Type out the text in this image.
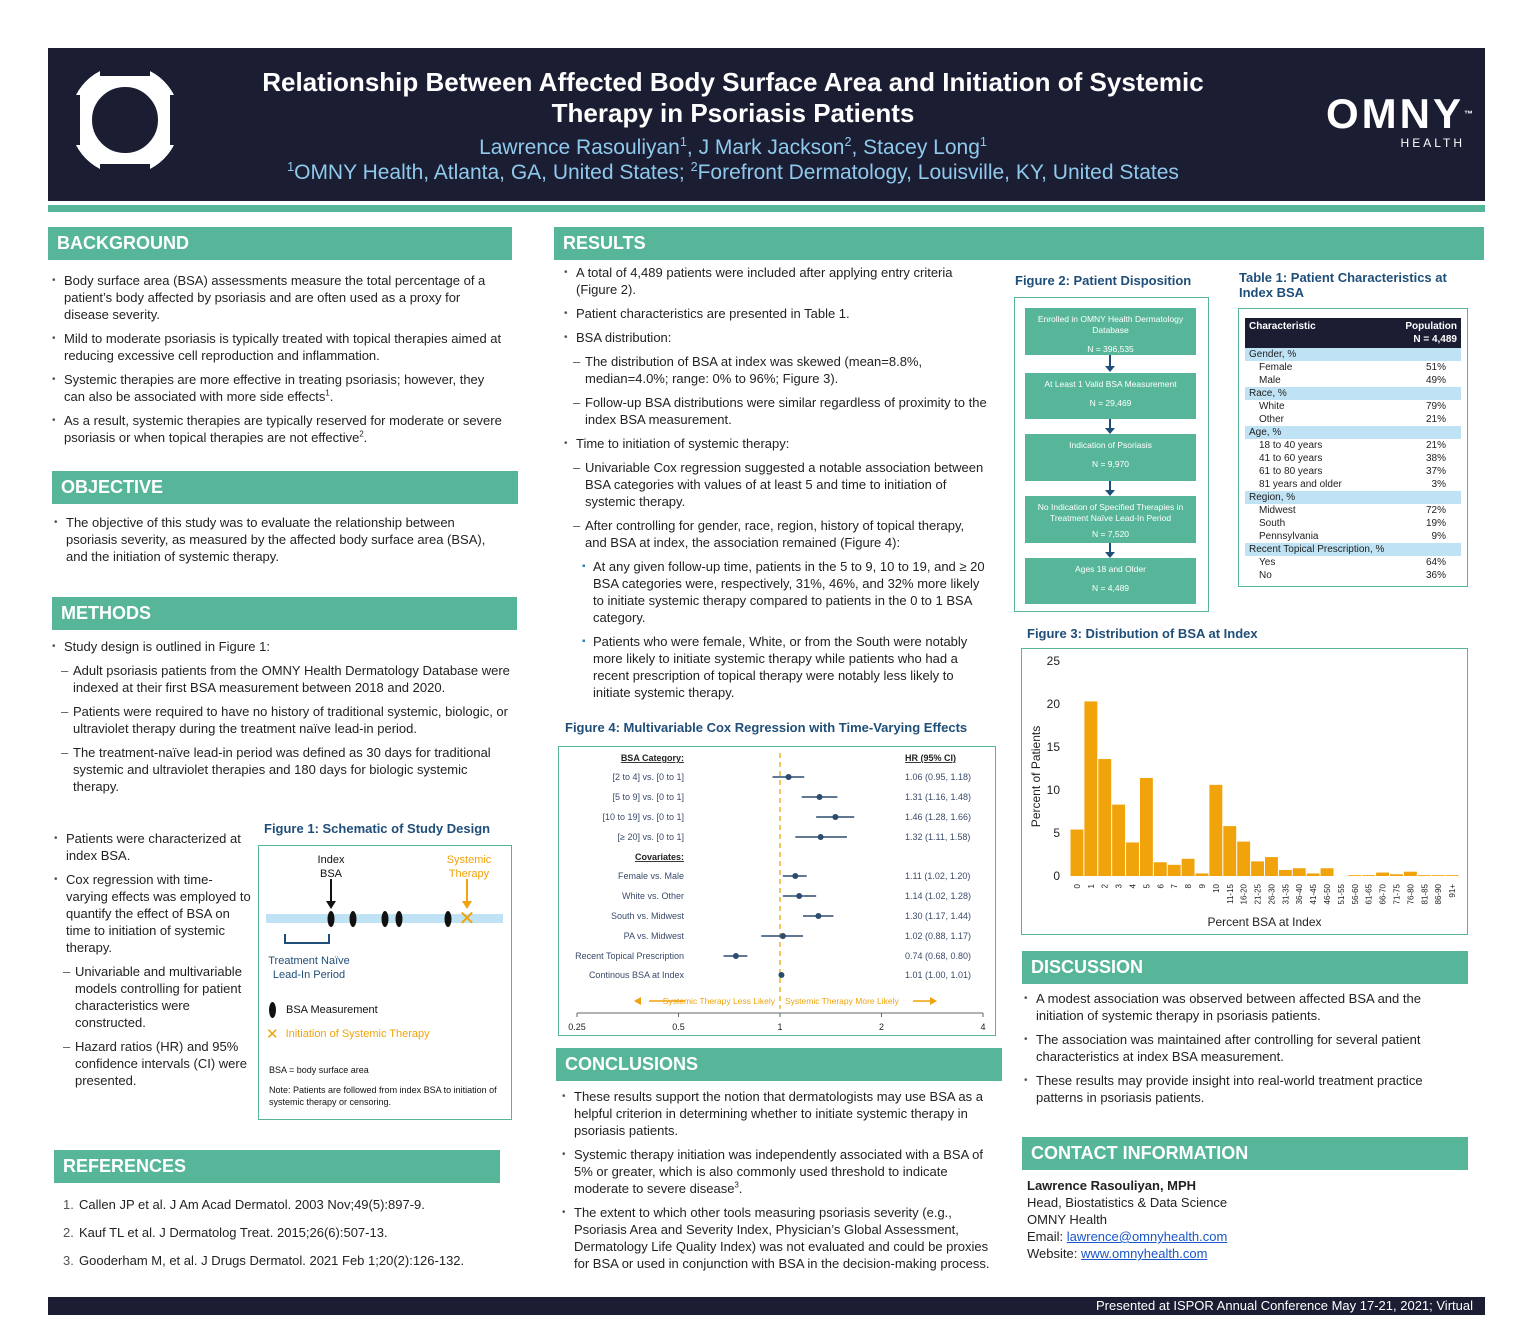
Relationship Between Affected Body Surface Area and Initiation of Systemic Therapy in Psoriasis Patients
Lawrence Rasouliyan$^1$, J Mark Jackson$^2$, Stacey Long$^1$
$^1$OMNY Health, Atlanta, GA, United States; $^2$Forefront Dermatology, Louisville, KY, United States
OMNY™
HEALTH
BACKGROUND
• Body surface area (BSA) assessments measure the total percentage of a patient’s body affected by psoriasis and are often used as a proxy for disease severity.
• Mild to moderate psoriasis is typically treated with topical therapies aimed at reducing excessive cell reproduction and inflammation.
• Systemic therapies are more effective in treating psoriasis; however, they can also be associated with more side effects$^1$.
• As a result, systemic therapies are typically reserved for moderate or severe psoriasis or when topical therapies are not effective$^2$.
OBJECTIVE
• The objective of this study was to evaluate the relationship between psoriasis severity, as measured by the affected body surface area (BSA), and the initiation of systemic therapy.
METHODS
• Study design is outlined in Figure 1:
– Adult psoriasis patients from the OMNY Health Dermatology Database were indexed at their first BSA measurement between 2018 and 2020.
– Patients were required to have no history of traditional systemic, biologic, or ultraviolet therapy during the treatment naïve lead-in period.
– The treatment-naïve lead-in period was defined as 30 days for traditional systemic and ultraviolet therapies and 180 days for biologic systemic therapy.
• Patients were characterized at index BSA.
• Cox regression with time-varying effects was employed to quantify the effect of BSA on time to initiation of systemic therapy.
– Univariable and multivariable models controlling for patient characteristics were constructed.
– Hazard ratios (HR) and 95% confidence intervals (CI) were presented.
Figure 1: Schematic of Study Design
✕
Index BSA
Systemic Therapy
Treatment Naïve Lead-In Period
BSA Measurement
✕ Initiation of Systemic Therapy
BSA = body surface area
Note: Patients are followed from index BSA to initiation of systemic therapy or censoring.
REFERENCES
1. Callen JP et al. J Am Acad Dermatol. 2003 Nov;49(5):897-9.
2. Kauf TL et al. J Dermatolog Treat. 2015;26(6):507-13.
3. Gooderham M, et al. J Drugs Dermatol. 2021 Feb 1;20(2):126-132.
RESULTS
• A total of 4,489 patients were included after applying entry criteria (Figure 2).
• Patient characteristics are presented in Table 1.
• BSA distribution:
– The distribution of BSA at index was skewed (mean=8.8%, median=4.0%; range: 0% to 96%; Figure 3).
– Follow-up BSA distributions were similar regardless of proximity to the index BSA measurement.
• Time to initiation of systemic therapy:
– Univariable Cox regression suggested a notable association between BSA categories with values of at least 5 and time to initiation of systemic therapy.
– After controlling for gender, race, region, history of topical therapy, and BSA at index, the association remained (Figure 4):
▪ At any given follow-up time, patients in the 5 to 9, 10 to 19, and ≥ 20 BSA categories were, respectively, 31%, 46%, and 32% more likely to initiate systemic therapy compared to patients in the 0 to 1 BSA category.
▪ Patients who were female, White, or from the South were notably more likely to initiate systemic therapy while patients who had a recent prescription of topical therapy were notably less likely to initiate systemic therapy.
Figure 2: Patient Disposition
Enrolled in OMNY Health Dermatology Database
N = 396,535
At Least 1 Valid BSA Measurement
N = 29,469
Indication of Psoriasis
N = 9,970
No Indication of Specified Therapies in Treatment Naïve Lead-In Period
N = 7,520
Ages 18 and Older
N = 4,489
Table 1: Patient Characteristics at Index BSA
Characteristic	Population
N = 4,489
Gender, %
Female	51%
Male	49%
Race, %
White	79%
Other	21%
Age, %
18 to 40 years	21%
41 to 60 years	38%
61 to 80 years	37%
81 years and older	3%
Region, %
Midwest	72%
South	19%
Pennsylvania	9%
Recent Topical Prescription, %
Yes	64%
No	36%
Figure 3: Distribution of BSA at Index
0
5
10
15
20
25
0 1 2 3 4 5 6 7 8 9 10 11-15 16-20 21-25 26-30 31-35 36-40 41-45 46-50 51-55 56-60 61-65 66-70 71-75 76-80 81-85 86-90 91+
Percent BSA at Index
Percent of Patients
Figure 4: Multivariable Cox Regression with Time-Varying Effects
BSA Category:	HR (95% CI)
Covariates:
[2 to 4] vs. [0 to 1]	1.06 (0.95, 1.18)
[5 to 9] vs. [0 to 1]	1.31 (1.16, 1.48)
[10 to 19] vs. [0 to 1]	1.46 (1.28, 1.66)
[≥ 20] vs. [0 to 1]	1.32 (1.11, 1.58)
Female vs. Male	1.11 (1.02, 1.20)
White vs. Other	1.14 (1.02, 1.28)
South vs. Midwest	1.30 (1.17, 1.44)
PA vs. Midwest	1.02 (0.88, 1.17)
Recent Topical Prescription	0.74 (0.68, 0.80)
Continous BSA at Index	1.01 (1.00, 1.01)
Systemic Therapy Less Likely Systemic Therapy More Likely
0.25	0.5	1	2	4
CONCLUSIONS
• These results support the notion that dermatologists may use BSA as a helpful criterion in determining whether to initiate systemic therapy in psoriasis patients.
• Systemic therapy initiation was independently associated with a BSA of 5% or greater, which is also commonly used threshold to indicate moderate to severe disease$^3$.
• The extent to which other tools measuring psoriasis severity (e.g., Psoriasis Area and Severity Index, Physician’s Global Assessment, Dermatology Life Quality Index) was not evaluated and could be proxies for BSA or used in conjunction with BSA in the decision-making process.
DISCUSSION
• A modest association was observed between affected BSA and the initiation of systemic therapy in psoriasis patients.
• The association was maintained after controlling for several patient characteristics at index BSA measurement.
• These results may provide insight into real-world treatment practice patterns in psoriasis patients.
CONTACT INFORMATION
Lawrence Rasouliyan, MPH
Head, Biostatistics & Data Science
OMNY Health
Email: lawrence@omnyhealth.com
Website: www.omnyhealth.com
Presented at ISPOR Annual Conference May 17-21, 2021; Virtual
